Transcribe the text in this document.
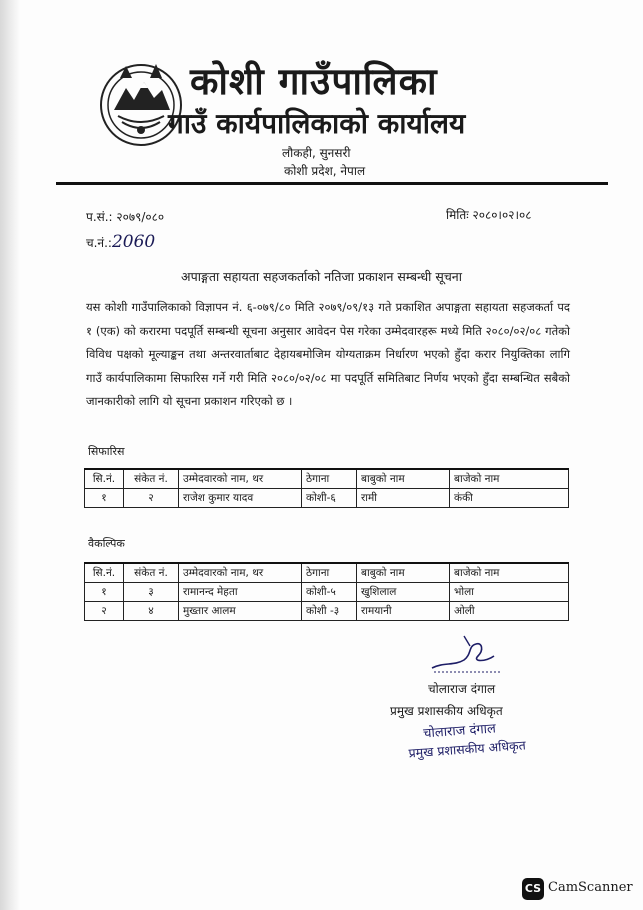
कोशी गाउँपालिका
गाउँ कार्यपालिकाको कार्यालय
लौकही, सुनसरी
कोशी प्रदेश, नेपाल
प.सं.: २०७९/०८०	मितिः २०८०।०२।०८
च.नं.:2060
अपाङ्गता सहायता सहजकर्ताको नतिजा प्रकाशन सम्बन्धी सूचना
यस कोशी गाउँपालिकाको विज्ञापन नं. ६-०७९/८० मिति २०७९/०९/१३ गते प्रकाशित अपाङ्गता सहायता सहजकर्ता पद १ (एक) को करारमा पदपूर्ति सम्बन्धी सूचना अनुसार आवेदन पेस गरेका उम्मेदवारहरू मध्ये मिति २०८०/०२/०८ गतेको विविध पक्षको मूल्याङ्कन तथा अन्तरवार्ताबाट देहायबमोजिम योग्यताक्रम निर्धारण भएको हुँदा करार नियुक्तिका लागि गाउँ कार्यपालिकामा सिफारिस गर्ने गरी मिति २०८०/०२/०८ मा पदपूर्ति समितिबाट निर्णय भएको हुँदा सम्बन्धित सबैको जानकारीको लागि यो सूचना प्रकाशन गरिएको छ ।
सिफारिस
सि.नं.	संकेत नं.	उम्मेदवारको नाम, थर	ठेगाना	बाबुको नाम	बाजेको नाम
१	२	राजेश कुमार यादव	कोशी-६	रामी	कंकी
वैकल्पिक
सि.नं.	संकेत नं.	उम्मेदवारको नाम, थर	ठेगाना	बाबुको नाम	बाजेको नाम
१	३	रामानन्द मेहता	कोशी-५	खुशिलाल	भोला
२	४	मुख्तार आलम	कोशी -३	रामयानी	ओली
चोलाराज दंगाल
प्रमुख प्रशासकीय अधिकृत
चोलाराज दंगाल
प्रमुख प्रशासकीय अधिकृत
CS CamScanner
